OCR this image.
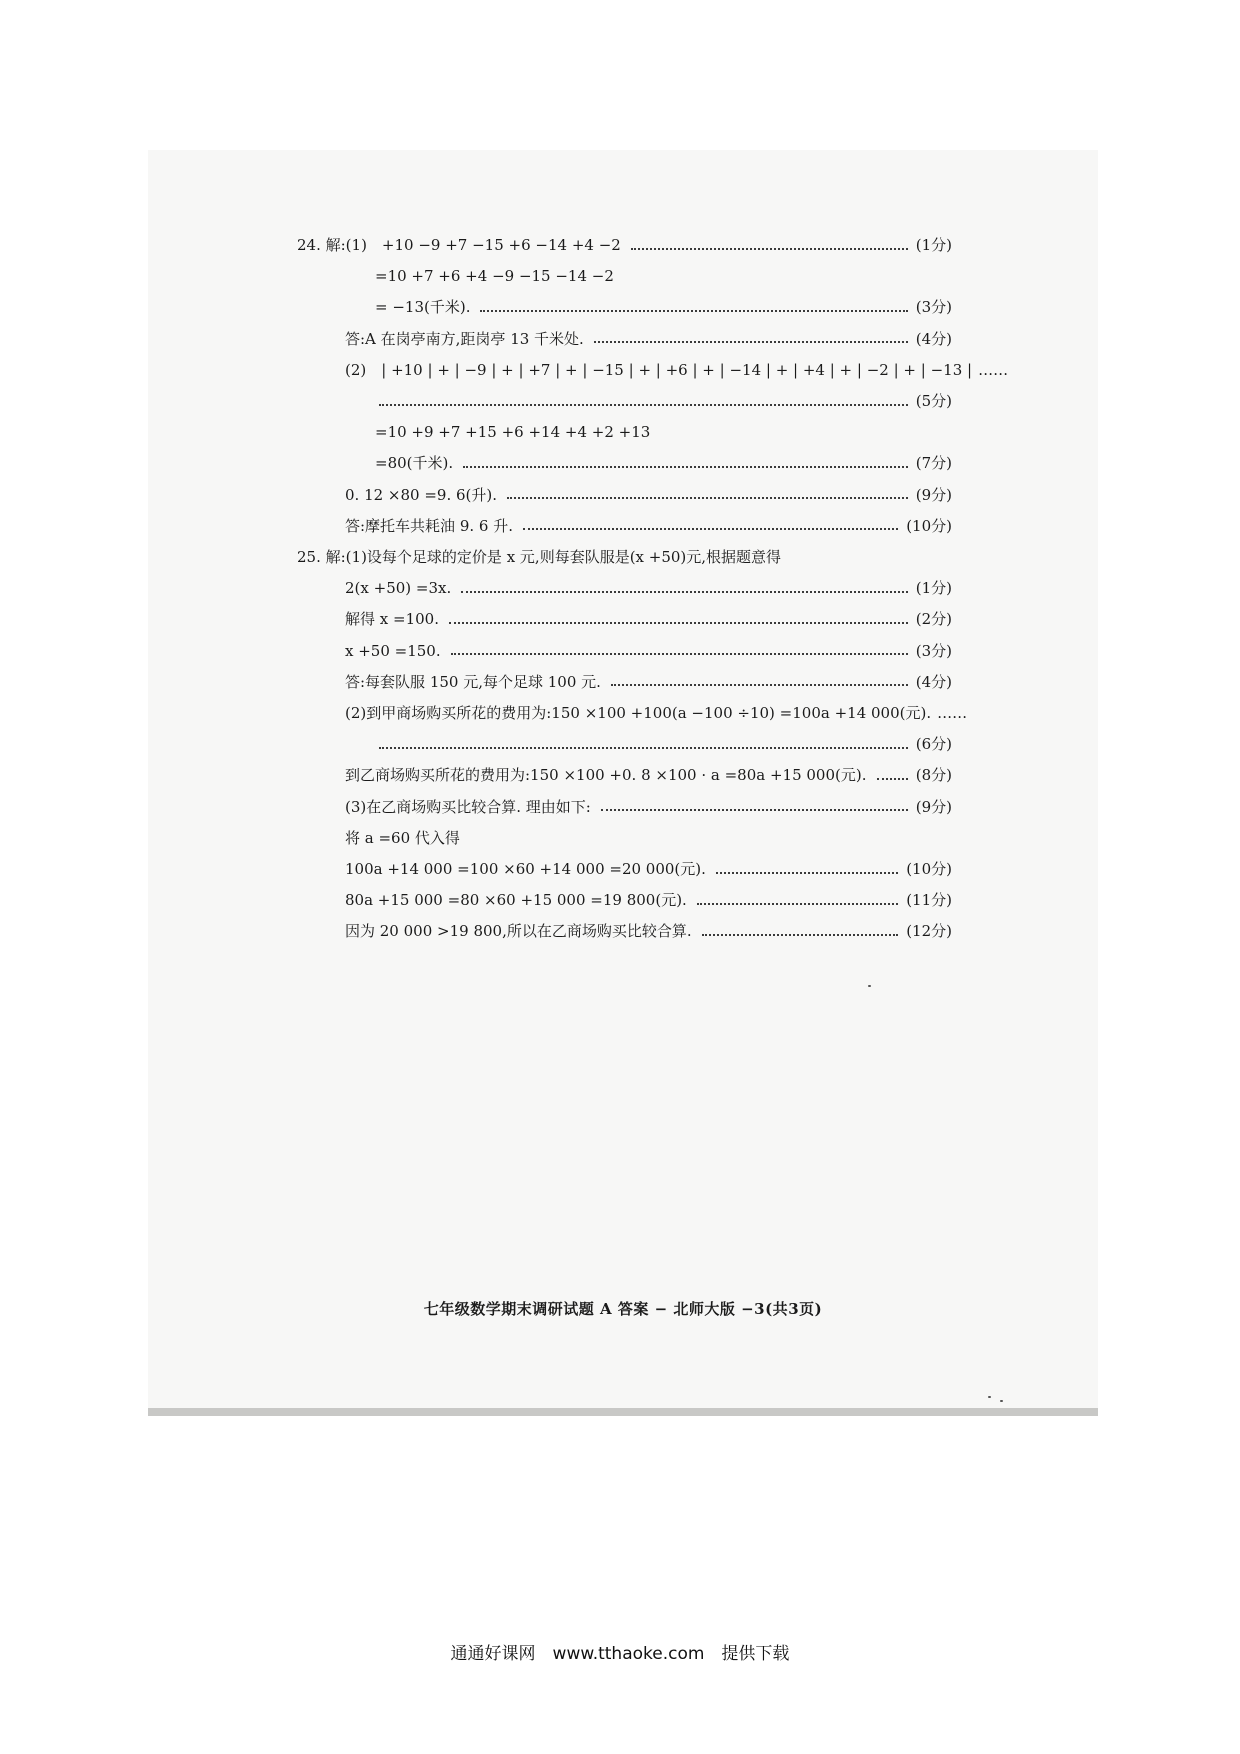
24. 解:(1)　+10 −9 +7 −15 +6 −14 +4 −2	(1分)
=10 +7 +6 +4 −9 −15 −14 −2
= −13(千米).	(3分)
答:A 在岗亭南方,距岗亭 13 千米处.	(4分)
(2)　| +10 | + | −9 | + | +7 | + | −15 | + | +6 | + | −14 | + | +4 | + | −2 | + | −13 | ……
(5分)
=10 +9 +7 +15 +6 +14 +4 +2 +13
=80(千米).	(7分)
0. 12 ×80 =9. 6(升).	(9分)
答:摩托车共耗油 9. 6 升.	(10分)
25. 解:(1)设每个足球的定价是 x 元,则每套队服是(x +50)元,根据题意得
2(x +50) =3x.	(1分)
解得 x =100.	(2分)
x +50 =150.	(3分)
答:每套队服 150 元,每个足球 100 元.	(4分)
(2)到甲商场购买所花的费用为:150 ×100 +100(a −100 ÷10) =100a +14 000(元). ……
(6分)
到乙商场购买所花的费用为:150 ×100 +0. 8 ×100 · a =80a +15 000(元).	(8分)
(3)在乙商场购买比较合算. 理由如下:	(9分)
将 a =60 代入得
100a +14 000 =100 ×60 +14 000 =20 000(元).	(10分)
80a +15 000 =80 ×60 +15 000 =19 800(元).	(11分)
因为 20 000 >19 800,所以在乙商场购买比较合算.	(12分)
七年级数学期末调研试题 A 答案 − 北师大版 −3(共3页)
通通好课网　www.tthaoke.com　提供下载
